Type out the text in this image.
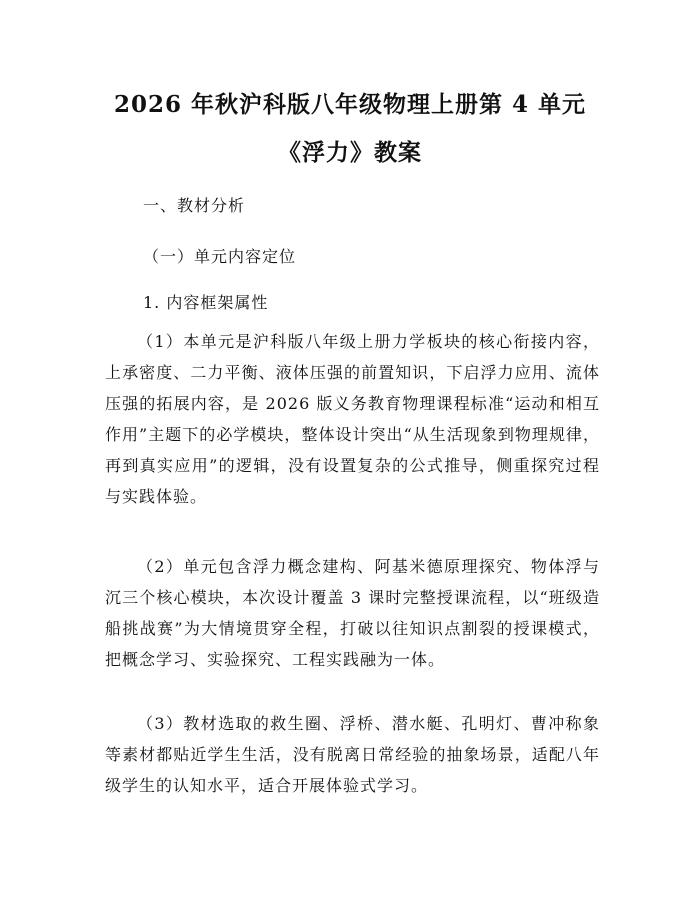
2026 年秋沪科版八年级物理上册第 4 单元
《浮力》教案
一、教材分析
（一）单元内容定位
1. 内容框架属性

（1）本单元是沪科版八年级上册力学板块的核心衔接内容，上承密度、二力平衡、液体压强的前置知识，下启浮力应用、流体压强的拓展内容，是 2026 版义务教育物理课程标准“运动和相互作用”主题下的必学模块，整体设计突出“从生活现象到物理规律，再到真实应用”的逻辑，没有设置复杂的公式推导，侧重探究过程与实践体验。

（2）单元包含浮力概念建构、阿基米德原理探究、物体浮与沉三个核心模块，本次设计覆盖 3 课时完整授课流程，以“班级造船挑战赛”为大情境贯穿全程，打破以往知识点割裂的授课模式，把概念学习、实验探究、工程实践融为一体。

（3）教材选取的救生圈、浮桥、潜水艇、孔明灯、曹冲称象等素材都贴近学生生活，没有脱离日常经验的抽象场景，适配八年级学生的认知水平，适合开展体验式学习。
